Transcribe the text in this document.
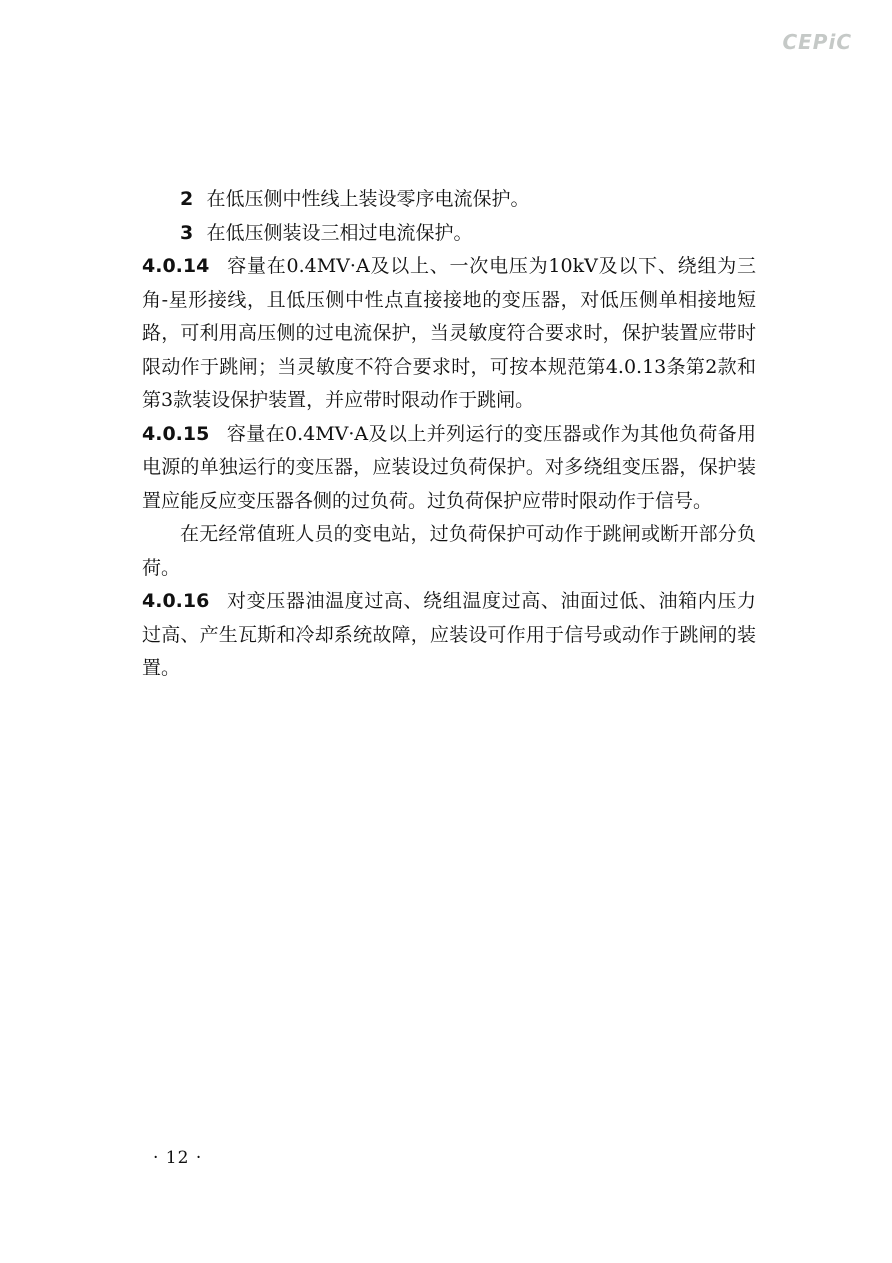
CEPiC

2 在低压侧中性线上装设零序电流保护。

3 在低压侧装设三相过电流保护。

4.0.14 容量在0.4MV·A及以上、一次电压为10kV及以下、绕组为三角-星形接线，且低压侧中性点直接接地的变压器，对低压侧单相接地短路，可利用高压侧的过电流保护，当灵敏度符合要求时，保护装置应带时限动作于跳闸；当灵敏度不符合要求时，可按本规范第4.0.13条第2款和第3款装设保护装置，并应带时限动作于跳闸。

4.0.15 容量在0.4MV·A及以上并列运行的变压器或作为其他负荷备用电源的单独运行的变压器，应装设过负荷保护。对多绕组变压器，保护装置应能反应变压器各侧的过负荷。过负荷保护应带时限动作于信号。

在无经常值班人员的变电站，过负荷保护可动作于跳闸或断开部分负荷。

4.0.16 对变压器油温度过高、绕组温度过高、油面过低、油箱内压力过高、产生瓦斯和冷却系统故障，应装设可作用于信号或动作于跳闸的装置。

· 12 ·
